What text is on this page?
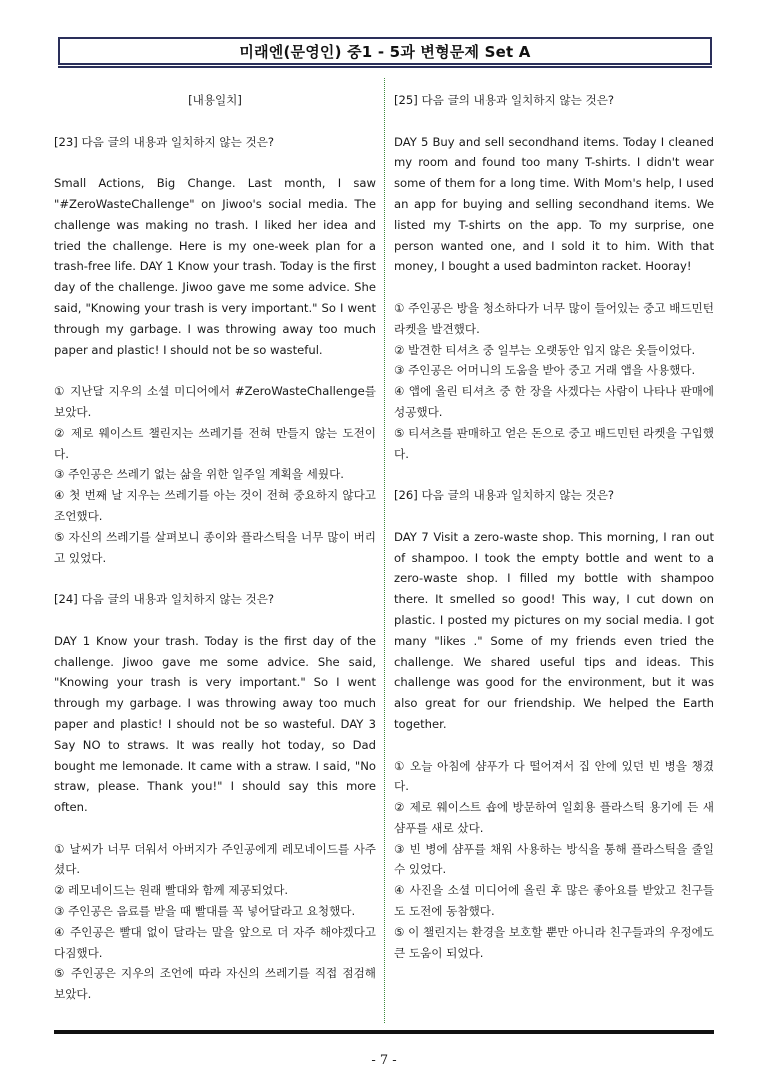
미래엔(문영인) 중1 - 5과 변형문제 Set A

[내용일치]

[23] 다음 글의 내용과 일치하지 않는 것은?

Small Actions, Big Change. Last month, I saw "#ZeroWasteChallenge" on Jiwoo's social media. The challenge was making no trash. I liked her idea and tried the challenge. Here is my one-week plan for a trash-free life. DAY 1 Know your trash. Today is the first day of the challenge. Jiwoo gave me some advice. She said, "Knowing your trash is very important." So I went through my garbage. I was throwing away too much paper and plastic! I should not be so wasteful.

① 지난달 지우의 소셜 미디어에서 #ZeroWasteChallenge를 보았다.

② 제로 웨이스트 챌린지는 쓰레기를 전혀 만들지 않는 도전이다.

③ 주인공은 쓰레기 없는 삶을 위한 일주일 계획을 세웠다.

④ 첫 번째 날 지우는 쓰레기를 아는 것이 전혀 중요하지 않다고 조언했다.

⑤ 자신의 쓰레기를 살펴보니 종이와 플라스틱을 너무 많이 버리고 있었다.

[24] 다음 글의 내용과 일치하지 않는 것은?

DAY 1 Know your trash. Today is the first day of the challenge. Jiwoo gave me some advice. She said, "Knowing your trash is very important." So I went through my garbage. I was throwing away too much paper and plastic! I should not be so wasteful. DAY 3 Say NO to straws. It was really hot today, so Dad bought me lemonade. It came with a straw. I said, "No straw, please. Thank you!" I should say this more often.

① 날씨가 너무 더워서 아버지가 주인공에게 레모네이드를 사주셨다.

② 레모네이드는 원래 빨대와 함께 제공되었다.

③ 주인공은 음료를 받을 때 빨대를 꼭 넣어달라고 요청했다.

④ 주인공은 빨대 없이 달라는 말을 앞으로 더 자주 해야겠다고 다짐했다.

⑤ 주인공은 지우의 조언에 따라 자신의 쓰레기를 직접 점검해 보았다.

[25] 다음 글의 내용과 일치하지 않는 것은?

DAY 5 Buy and sell secondhand items. Today I cleaned my room and found too many T-shirts. I didn't wear some of them for a long time. With Mom's help, I used an app for buying and selling secondhand items. We listed my T-shirts on the app. To my surprise, one person wanted one, and I sold it to him. With that money, I bought a used badminton racket. Hooray!

① 주인공은 방을 청소하다가 너무 많이 들어있는 중고 배드민턴 라켓을 발견했다.

② 발견한 티셔츠 중 일부는 오랫동안 입지 않은 옷들이었다.

③ 주인공은 어머니의 도움을 받아 중고 거래 앱을 사용했다.

④ 앱에 올린 티셔츠 중 한 장을 사겠다는 사람이 나타나 판매에 성공했다.

⑤ 티셔츠를 판매하고 얻은 돈으로 중고 배드민턴 라켓을 구입했다.

[26] 다음 글의 내용과 일치하지 않는 것은?

DAY 7 Visit a zero-waste shop. This morning, I ran out of shampoo. I took the empty bottle and went to a zero-waste shop. I filled my bottle with shampoo there. It smelled so good! This way, I cut down on plastic. I posted my pictures on my social media. I got many "likes ." Some of my friends even tried the challenge. We shared useful tips and ideas. This challenge was good for the environment, but it was also great for our friendship. We helped the Earth together.

① 오늘 아침에 샴푸가 다 떨어져서 집 안에 있던 빈 병을 챙겼다.

② 제로 웨이스트 숍에 방문하여 일회용 플라스틱 용기에 든 새 샴푸를 새로 샀다.

③ 빈 병에 샴푸를 채워 사용하는 방식을 통해 플라스틱을 줄일 수 있었다.

④ 사진을 소셜 미디어에 올린 후 많은 좋아요를 받았고 친구들도 도전에 동참했다.

⑤ 이 챌린지는 환경을 보호할 뿐만 아니라 친구들과의 우정에도 큰 도움이 되었다.

- 7 -
